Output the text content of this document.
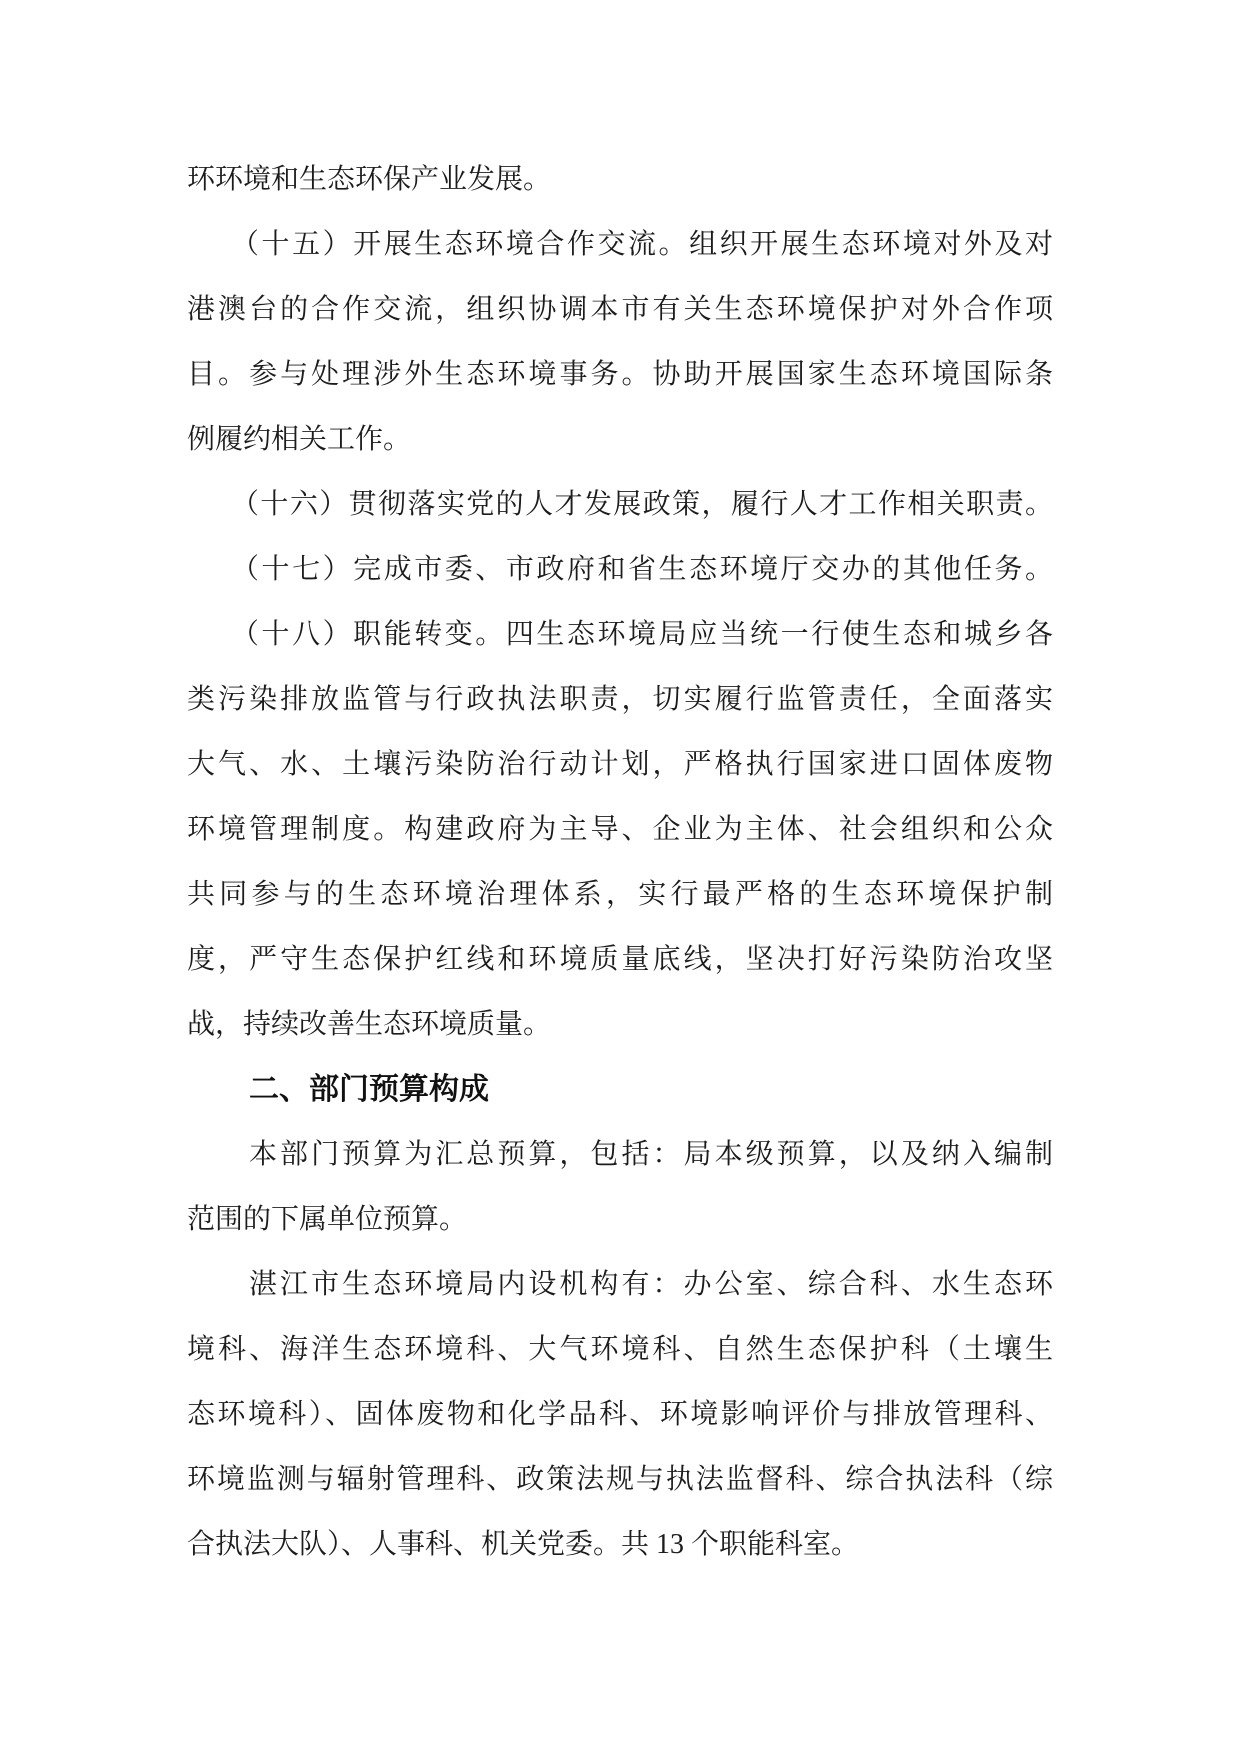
环环境和生态环保产业发展。
（十五）开展生态环境合作交流。组织开展生态环境对外及对
港澳台的合作交流，组织协调本市有关生态环境保护对外合作项
目。参与处理涉外生态环境事务。协助开展国家生态环境国际条
例履约相关工作。
（十六）贯彻落实党的人才发展政策，履行人才工作相关职责。
（十七）完成市委、市政府和省生态环境厅交办的其他任务。
（十八）职能转变。四生态环境局应当统一行使生态和城乡各
类污染排放监管与行政执法职责，切实履行监管责任，全面落实
大气、水、土壤污染防治行动计划，严格执行国家进口固体废物
环境管理制度。构建政府为主导、企业为主体、社会组织和公众
共同参与的生态环境治理体系，实行最严格的生态环境保护制
度，严守生态保护红线和环境质量底线，坚决打好污染防治攻坚
战，持续改善生态环境质量。
二、部门预算构成
本部门预算为汇总预算，包括：局本级预算，以及纳入编制
范围的下属单位预算。
湛江市生态环境局内设机构有：办公室、综合科、水生态环
境科、海洋生态环境科、大气环境科、自然生态保护科（土壤生
态环境科）、固体废物和化学品科、环境影响评价与排放管理科、
环境监测与辐射管理科、政策法规与执法监督科、综合执法科（综
合执法大队）、人事科、机关党委。共 13 个职能科室。
